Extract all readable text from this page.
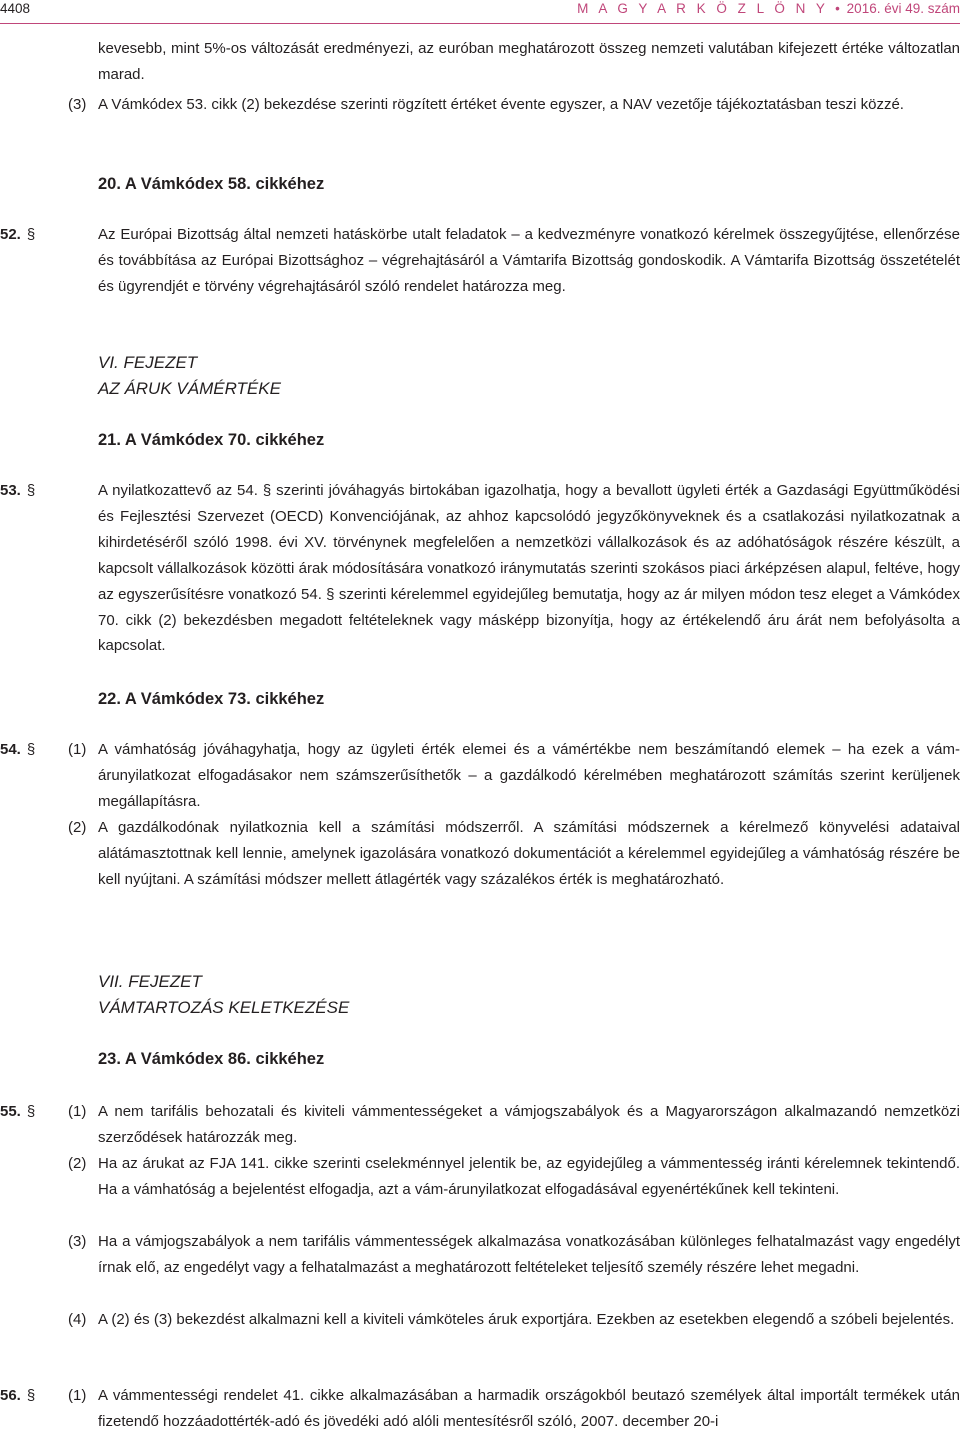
4408	M A G Y A R K Ö Z L Ö N Y • 2016. évi 49. szám
kevesebb, mint 5%-os változását eredményezi, az euróban meghatározott összeg nemzeti valutában kifejezett értéke változatlan marad.
(3) A Vámkódex 53. cikk (2) bekezdése szerinti rögzített értéket évente egyszer, a NAV vezetője tájékoztatásban teszi közzé.
20. A Vámkódex 58. cikkéhez
52. §	Az Európai Bizottság által nemzeti hatáskörbe utalt feladatok – a kedvezményre vonatkozó kérelmek összegyűjtése, ellenőrzése és továbbítása az Európai Bizottsághoz – végrehajtásáról a Vámtarifa Bizottság gondoskodik. A Vámtarifa Bizottság összetételét és ügyrendjét e törvény végrehajtásáról szóló rendelet határozza meg.
VI. FEJEZET
AZ ÁRUK VÁMÉRTÉKE
21. A Vámkódex 70. cikkéhez
53. §	A nyilatkozattevő az 54. § szerinti jóváhagyás birtokában igazolhatja, hogy a bevallott ügyleti érték a Gazdasági Együttműködési és Fejlesztési Szervezet (OECD) Konvenciójának, az ahhoz kapcsolódó jegyzőkönyveknek és a csatlakozási nyilatkozatnak a kihirdetéséről szóló 1998. évi XV. törvénynek megfelelően a nemzetközi vállalkozások és az adóhatóságok részére készült, a kapcsolt vállalkozások közötti árak módosítására vonatkozó iránymutatás szerinti szokásos piaci árképzésen alapul, feltéve, hogy az egyszerűsítésre vonatkozó 54. § szerinti kérelemmel egyidejűleg bemutatja, hogy az ár milyen módon tesz eleget a Vámkódex 70. cikk (2) bekezdésben megadott feltételeknek vagy másképp bizonyítja, hogy az értékelendő áru árát nem befolyásolta a kapcsolat.
22. A Vámkódex 73. cikkéhez
54. § (1) A vámhatóság jóváhagyhatja, hogy az ügyleti érték elemei és a vámértékbe nem beszámítandó elemek – ha ezek a vám-árunyilatkozat elfogadásakor nem számszerűsíthetők – a gazdálkodó kérelmében meghatározott számítás szerint kerüljenek megállapításra.
(2) A gazdálkodónak nyilatkoznia kell a számítási módszerről. A számítási módszernek a kérelmező könyvelési adataival alátámasztottnak kell lennie, amelynek igazolására vonatkozó dokumentációt a kérelemmel egyidejűleg a vámhatóság részére be kell nyújtani. A számítási módszer mellett átlagérték vagy százalékos érték is meghatározható.
VII. FEJEZET
VÁMTARTOZÁS KELETKEZÉSE
23. A Vámkódex 86. cikkéhez
55. § (1) A nem tarifális behozatali és kiviteli vámmentességeket a vámjogszabályok és a Magyarországon alkalmazandó nemzetközi szerződések határozzák meg.
(2) Ha az árukat az FJA 141. cikke szerinti cselekménnyel jelentik be, az egyidejűleg a vámmentesség iránti kérelemnek tekintendő. Ha a vámhatóság a bejelentést elfogadja, azt a vám-árunyilatkozat elfogadásával egyenértékűnek kell tekinteni.
(3) Ha a vámjogszabályok a nem tarifális vámmentességek alkalmazása vonatkozásában különleges felhatalmazást vagy engedélyt írnak elő, az engedélyt vagy a felhatalmazást a meghatározott feltételeket teljesítő személy részére lehet megadni.
(4) A (2) és (3) bekezdést alkalmazni kell a kiviteli vámköteles áruk exportjára. Ezekben az esetekben elegendő a szóbeli bejelentés.
56. § (1) A vámmentességi rendelet 41. cikke alkalmazásában a harmadik országokból beutazó személyek által importált termékek után fizetendő hozzáadottérték-adó és jövedéki adó alóli mentesítésről szóló, 2007. december 20-i
